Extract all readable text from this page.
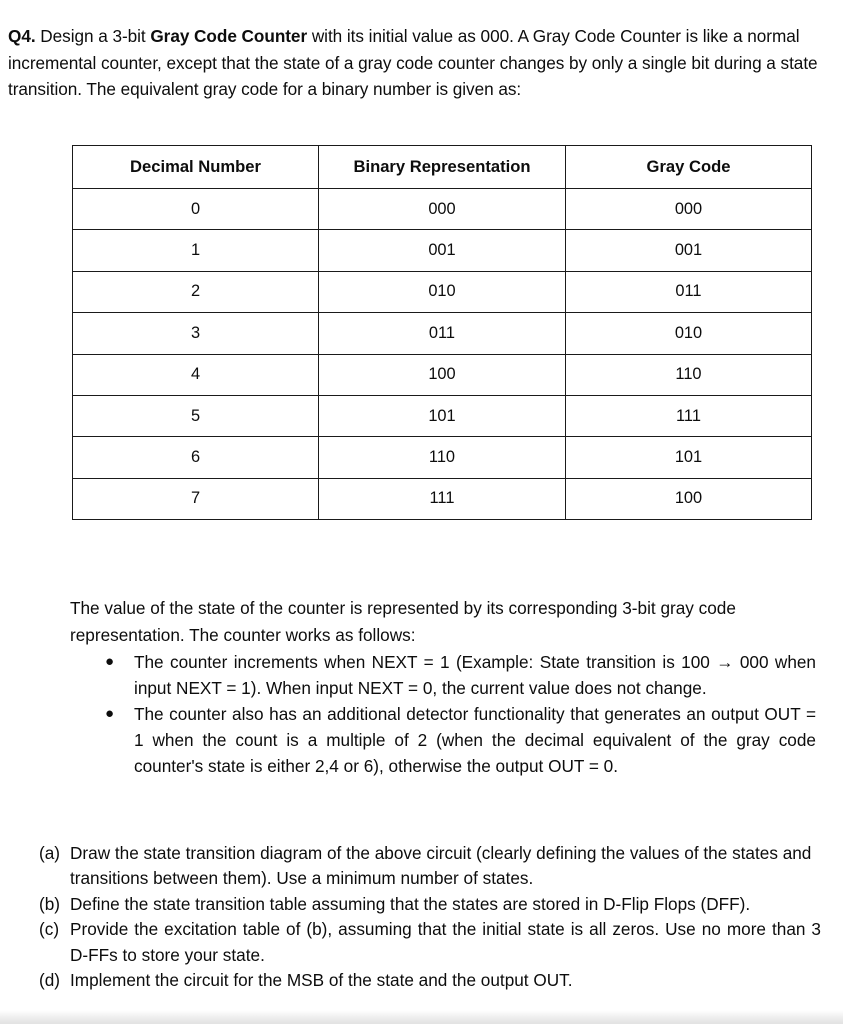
Q4. Design a 3-bit Gray Code Counter with its initial value as 000. A Gray Code Counter is like a normal incremental counter, except that the state of a gray code counter changes by only a single bit during a state transition. The equivalent gray code for a binary number is given as:

Decimal Number	Binary Representation	Gray Code
0	000	000
1	001	001
2	010	011
3	011	010
4	100	110
5	101	111
6	110	101
7	111	100

The value of the state of the counter is represented by its corresponding 3-bit gray code representation. The counter works as follows:

●	The counter increments when NEXT = 1 (Example: State transition is 100 → 000 when input NEXT = 1). When input NEXT = 0, the current value does not change.
●	The counter also has an additional detector functionality that generates an output OUT = 1 when the count is a multiple of 2 (when the decimal equivalent of the gray code counter's state is either 2,4 or 6), otherwise the output OUT = 0.
(a) Draw the state transition diagram of the above circuit (clearly defining the values of the states and transitions between them). Use a minimum number of states.
(b) Define the state transition table assuming that the states are stored in D-Flip Flops (DFF).
(c) Provide the excitation table of (b), assuming that the initial state is all zeros. Use no more than 3 D-FFs to store your state.
(d) Implement the circuit for the MSB of the state and the output OUT.
